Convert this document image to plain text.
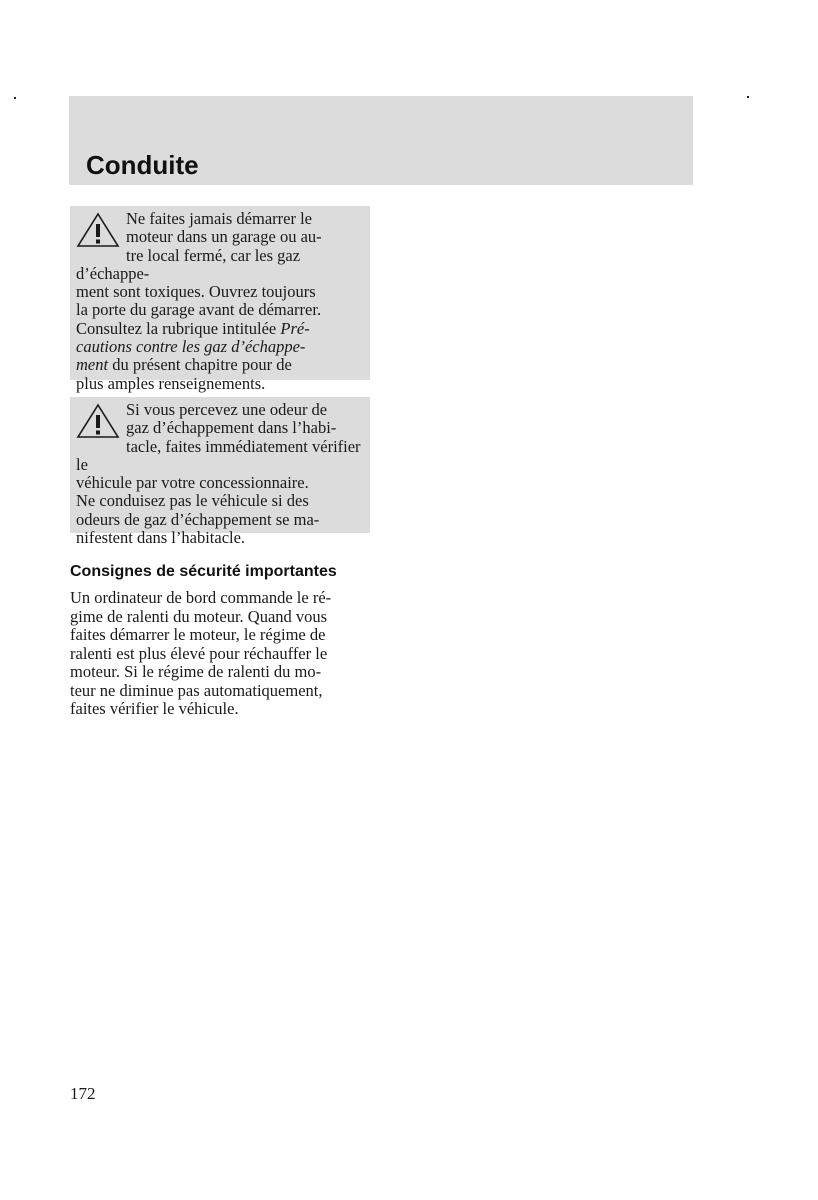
Conduite
Ne faites jamais démarrer le
moteur dans un garage ou au-
tre local fermé, car les gaz d’échappe-
ment sont toxiques. Ouvrez toujours
la porte du garage avant de démarrer.
Consultez la rubrique intitulée Pré-
cautions contre les gaz d’échappe-
ment du présent chapitre pour de
plus amples renseignements.
Si vous percevez une odeur de
gaz d’échappement dans l’habi-
tacle, faites immédiatement vérifier le
véhicule par votre concessionnaire.
Ne conduisez pas le véhicule si des
odeurs de gaz d’échappement se ma-
nifestent dans l’habitacle.
Consignes de sécurité importantes

Un ordinateur de bord commande le ré-
gime de ralenti du moteur. Quand vous
faites démarrer le moteur, le régime de
ralenti est plus élevé pour réchauffer le
moteur. Si le régime de ralenti du mo-
teur ne diminue pas automatiquement,
faites vérifier le véhicule.

172
